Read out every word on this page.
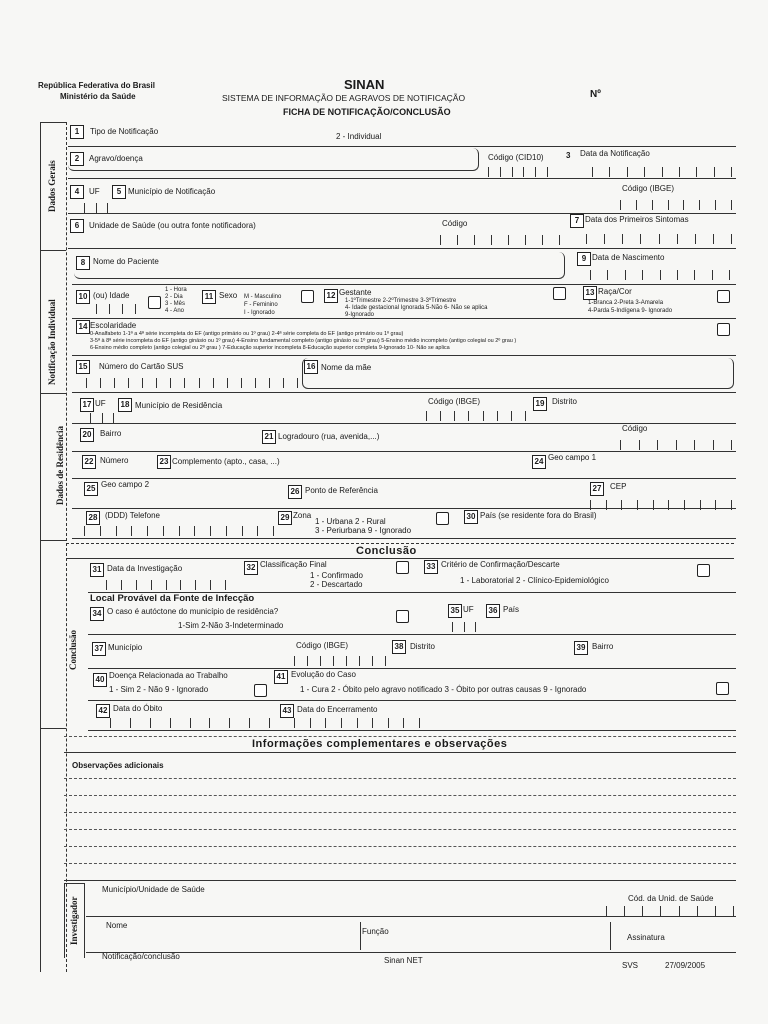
República Federativa do Brasil
Ministério da Saúde
SINAN
SISTEMA DE INFORMAÇÃO DE AGRAVOS DE NOTIFICAÇÃO
FICHA DE NOTIFICAÇÃO/CONCLUSÃO
Nº
Dados Gerais
Notificação Individual
Dados de Residência
Conclusão
Investigador
1	Tipo de Notificação
2 - Individual
2	Agravo/doença	Código (CID10)	3 Data da Notificação
4	UF	5 Município de Notificação	Código (IBGE)
6	Unidade de Saúde (ou outra fonte notificadora)	Código	7 Data dos Primeiros Sintomas
8 Nome do Paciente	9 Data de Nascimento
10 (ou) Idade
1 - Hora
2 - Dia
3 - Mês
4 - Ano
11 Sexo M - Masculino
F - Feminino
I - Ignorado
12 Gestante
1-1ºTrimestre 2-2ºTrimestre 3-3ºTrimestre
4- Idade gestacional Ignorada 5-Não 6- Não se aplica
9-Ignorado
13 Raça/Cor
1-Branca 2-Preta 3-Amarela
4-Parda 5-Indígena 9- Ignorado
14 Escolaridade
0-Analfabeto 1-1ª a 4ª série incompleta do EF (antigo primário ou 1º grau) 2-4ª série completa do EF (antigo primário ou 1º grau)
3-5ª à 8ª série incompleta do EF (antigo ginásio ou 1º grau) 4-Ensino fundamental completo (antigo ginásio ou 1º grau) 5-Ensino médio incompleto (antigo colegial ou 2º grau )
6-Ensino médio completo (antigo colegial ou 2º grau ) 7-Educação superior incompleta 8-Educação superior completa 9-Ignorado 10- Não se aplica
15	Número do Cartão SUS	16 Nome da mãe
17 UF	18 Município de Residência	Código (IBGE)	19 Distrito
20	Bairro	21 Logradouro (rua, avenida,...)
Código
22 Número	23 Complemento (apto., casa, ...)	24 Geo campo 1
25 Geo campo 2
26 Ponto de Referência	27	CEP
28 (DDD) Telefone	29 Zona
1 - Urbana 2 - Rural
3 - Periurbana 9 - Ignorado
30 País (se residente fora do Brasil)
Conclusão
31 Data da Investigação	32 Classificação Final
1 - Confirmado
2 - Descartado
33 Critério de Confirmação/Descarte
1 - Laboratorial 2 - Clínico-Epidemiológico
Local Provável da Fonte de Infecção
34 O caso é autóctone do município de residência?
1-Sim 2-Não 3-Indeterminado
35 UF	36 País
37 Município	Código (IBGE)	38 Distrito	39 Bairro
40 Doença Relacionada ao Trabalho
1 - Sim 2 - Não 9 - Ignorado
41 Evolução do Caso
1 - Cura 2 - Óbito pelo agravo notificado 3 - Óbito por outras causas 9 - Ignorado
42 Data do Óbito	43 Data do Encerramento
Informações complementares e observações
Observações adicionais
Município/Unidade de Saúde
Cód. da Unid. de Saúde
Nome
Função
Assinatura
Notificação/conclusão	Sinan NET
SVS	27/09/2005
